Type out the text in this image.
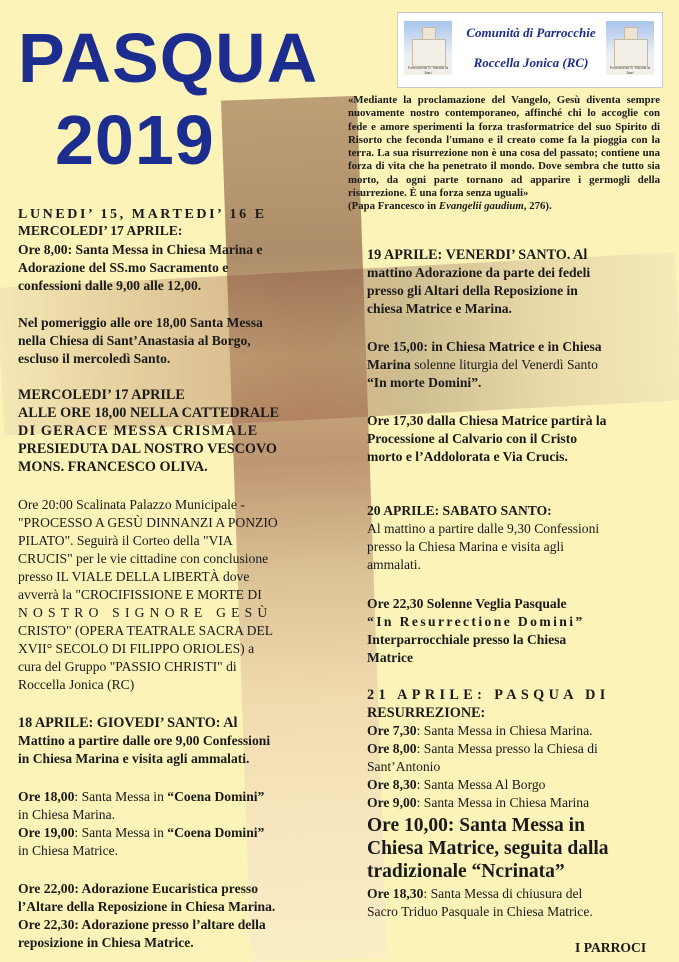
PASQUA
2019
Parrocchia S. Nicola di Bari
Comunità di Parrocchie
Roccella Jonica (RC)	Parrocchia S. Nicola di Bari
«Mediante la proclamazione del Vangelo, Gesù diventa sempre nuovamente nostro contemporaneo, affinché chi lo accoglie con fede e amore sperimenti la forza trasformatrice del suo Spirito di Risorto che feconda l'umano e il creato come fa la pioggia con la terra. La sua risurrezione non è una cosa del passato; contiene una forza di vita che ha penetrato il mondo. Dove sembra che tutto sia morto, da ogni parte tornano ad apparire i germogli della risurrezione. È una forza senza uguali»
(Papa Francesco in Evangelii gaudium, 276).
LUNEDI’ 15, MARTEDI’ 16 E
MERCOLEDI’ 17 APRILE:
Ore 8,00: Santa Messa in Chiesa Marina e
Adorazione del SS.mo Sacramento e
confessioni dalle 9,00 alle 12,00.
Nel pomeriggio alle ore 18,00 Santa Messa
nella Chiesa di Sant’Anastasia al Borgo,
escluso il mercoledì Santo.
MERCOLEDI’ 17 APRILE
ALLE ORE 18,00 NELLA CATTEDRALE
DI GERACE MESSA CRISMALE
PRESIEDUTA DAL NOSTRO VESCOVO
MONS. FRANCESCO OLIVA.
Ore 20:00 Scalinata Palazzo Municipale -
"PROCESSO A GESÙ DINNANZI A PONZIO
PILATO". Seguirà il Corteo della "VIA
CRUCIS" per le vie cittadine con conclusione
presso IL VIALE DELLA LIBERTÀ dove
avverrà la "CROCIFISSIONE E MORTE DI
NOSTRO SIGNORE GESÙ
CRISTO" (OPERA TEATRALE SACRA DEL
XVII° SECOLO DI FILIPPO ORIOLES) a
cura del Gruppo "PASSIO CHRISTI" di
Roccella Jonica (RC)
18 APRILE: GIOVEDI’ SANTO: Al
Mattino a partire dalle ore 9,00 Confessioni
in Chiesa Marina e visita agli ammalati.
Ore 18,00: Santa Messa in “Coena Domini”
in Chiesa Marina.
Ore 19,00: Santa Messa in “Coena Domini”
in Chiesa Matrice.
Ore 22,00: Adorazione Eucaristica presso
l’Altare della Reposizione in Chiesa Marina.
Ore 22,30: Adorazione presso l’altare della
reposizione in Chiesa Matrice.
19 APRILE: VENERDI’ SANTO. Al
mattino Adorazione da parte dei fedeli
presso gli Altari della Reposizione in
chiesa Matrice e Marina.
Ore 15,00: in Chiesa Matrice e in Chiesa
Marina solenne liturgia del Venerdì Santo
“In morte Domini”.
Ore 17,30 dalla Chiesa Matrice partirà la
Processione al Calvario con il Cristo
morto e l’Addolorata e Via Crucis.
20 APRILE: SABATO SANTO:
Al mattino a partire dalle 9,30 Confessioni
presso la Chiesa Marina e visita agli
ammalati.
Ore 22,30 Solenne Veglia Pasquale
“In Resurrectione Domini”
Interparrocchiale presso la Chiesa
Matrice
21 APRILE: PASQUA DI
RESURREZIONE:
Ore 7,30: Santa Messa in Chiesa Marina.
Ore 8,00: Santa Messa presso la Chiesa di
Sant’Antonio
Ore 8,30: Santa Messa Al Borgo
Ore 9,00: Santa Messa in Chiesa Marina
Ore 10,00: Santa Messa in
Chiesa Matrice, seguita dalla
tradizionale “Ncrinata”
Ore 18,30: Santa Messa di chiusura del
Sacro Triduo Pasquale in Chiesa Matrice.
I PARROCI
